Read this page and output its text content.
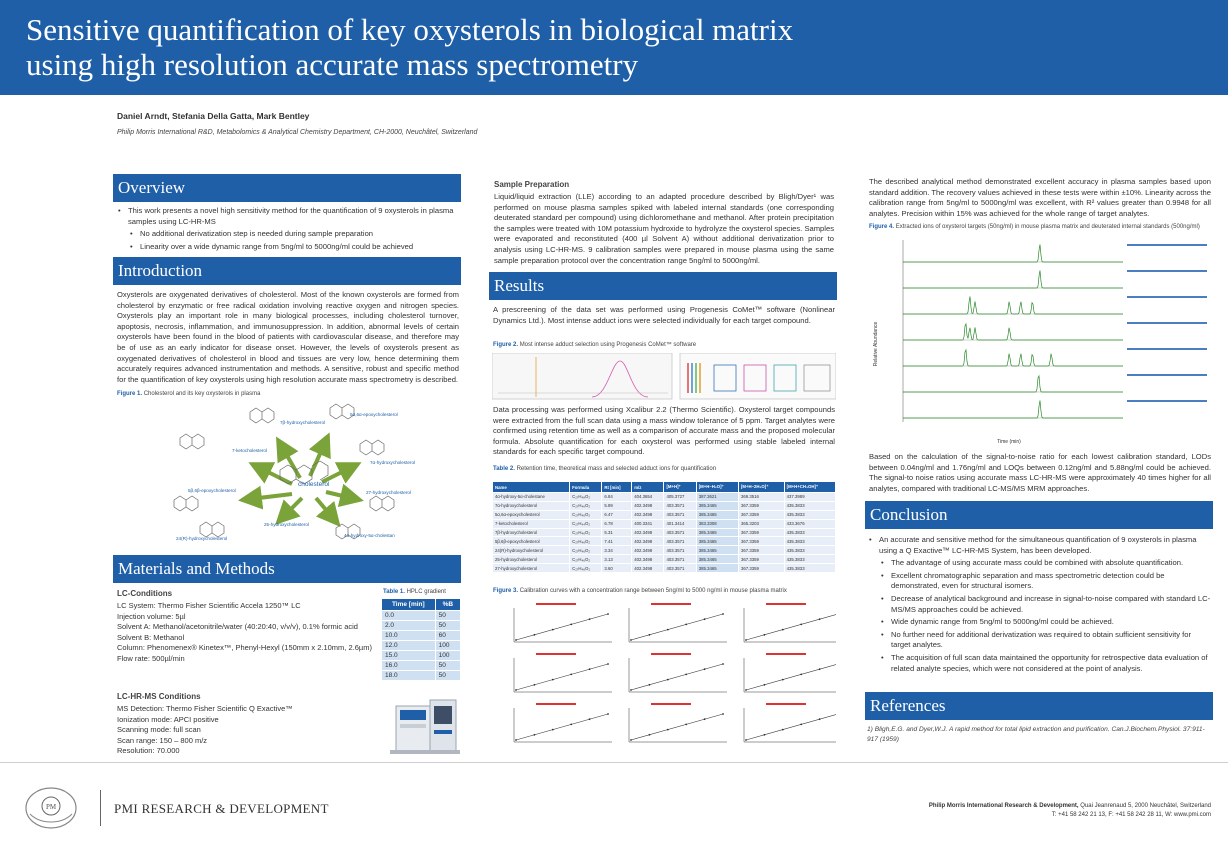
Sensitive quantification of key oxysterols in biological matrix
using high resolution accurate mass spectrometry
Daniel Arndt, Stefania Della Gatta, Mark Bentley
Philip Morris International R&D, Metabolomics & Analytical Chemistry Department, CH-2000, Neuchâtel, Switzerland
Overview
• This work presents a novel high sensitivity method for the quantification of 9 oxysterols in plasma samples using LC-HR-MS
• No additional derivatization step is needed during sample preparation
• Linearity over a wide dynamic range from 5ng/ml to 5000ng/ml could be achieved
Introduction
Oxysterols are oxygenated derivatives of cholesterol. Most of the known oxysterols are formed from cholesterol by enzymatic or free radical oxidation involving reactive oxygen and nitrogen species. Oxysterols play an important role in many biological processes, including cholesterol turnover, apoptosis, necrosis, inflammation, and immunosuppression. In addition, abnormal levels of certain oxysterols have been found in the blood of patients with cardiovascular disease, and therefore may be of use as an early indicator for disease onset. However, the levels of oxysterols present as oxygenated derivatives of cholesterol in blood and tissues are very low, hence determining them accurately requires advanced instrumentation and methods. A sensitive, robust and specific method for the quantification of key oxysterols using high resolution accurate mass spectrometry is described.
Figure 1. Cholesterol and its key oxysterols in plasma
cholesterol
7β-hydroxycholesterol
5α,6α-epoxycholesterol
7-ketocholesterol
7α-hydroxycholesterol
5β,6β-epoxycholesterol	27-hydroxycholesterol
25-hydroxycholesterol
24(R)-hydroxycholesterol
4α-hydroxy-5α-cholestan
Materials and Methods
LC-Conditions
LC System: Thermo Fisher Scientific Accela 1250™ LC
Injection volume: 5µl
Solvent A: Methanol/acetonitrile/water (40:20:40, v/v/v), 0.1% formic acid
Solvent B: Methanol
Column: Phenomenex® Kinetex™, Phenyl-Hexyl (150mm x 2.10mm, 2.6µm)
Flow rate: 500µl/min
Table 1. HPLC gradient
Time [min]	%B
0.0	50
2.0	50
10.0	60
12.0	100
15.0	100
16.0	50
18.0	50
LC-HR-MS Conditions
MS Detection: Thermo Fisher Scientific Q Exactive™
Ionization mode: APCI positive
Scanning mode: full scan
Scan range: 150 – 800 m/z
Resolution: 70.000
Sample Preparation
Liquid/liquid extraction (LLE) according to an adapted procedure described by Bligh/Dyer¹ was performed on mouse plasma samples spiked with labeled internal standards (one corresponding deuterated standard per compound) using dichloromethane and methanol. After protein precipitation the samples were treated with 10M potassium hydroxide to hydrolyze the oxysterol species. Samples were evaporated and reconstituted (400 µl Solvent A) without additional derivatization prior to analysis using LC-HR-MS. 9 calibration samples were prepared in mouse plasma using the same sample preparation protocol over the concentration range 5ng/ml to 5000ng/ml.
Results
A prescreening of the data set was performed using Progenesis CoMet™ software (Nonlinear Dynamics Ltd.). Most intense adduct ions were selected individually for each target compound.
Figure 2. Most intense adduct selection using Progenesis CoMet™ software
Data processing was performed using Xcalibur 2.2 (Thermo Scientific). Oxysterol target compounds were extracted from the full scan data using a mass window tolerance of 5 ppm. Target analytes were confirmed using retention time as well as a comparison of accurate mass and the proposed molecular formula. Absolute quantification for each oxysterol was performed using stable labeled internal standards for each specific target compound.
Table 2. Retention time, theoretical mass and selected adduct ions for quantification
Name	Formula	Rt [min]	m/z	[M+H]⁺	[M+H–H₂O]⁺	[M+H–2H₂O]⁺	[M+H+CH₃OH]⁺
4α-hydroxy-5α-cholestane	C₂₇H₄₈O₂	6.84	404.3654	405.3727	387.3621	369.3516	437.3989
7α-hydroxycholesterol	C₂₇H₄₆O₂	5.89	402.3498	403.3571	385.3465	367.3359	435.3833
5α,6α-epoxycholesterol	C₂₇H₄₆O₂	6.47	402.3498	403.3571	385.3465	367.3359	435.3833
7-ketocholesterol	C₂₇H₄₄O₂	6.78	400.3341	401.3414	383.3308	365.3203	433.3676
7β-hydroxycholesterol	C₂₇H₄₆O₂	5.31	402.3498	403.3571	385.3465	367.3359	435.3833
5β,6β-epoxycholesterol	C₂₇H₄₆O₂	7.41	402.3498	403.3571	385.3465	367.3359	435.3833
24(R)-hydroxycholesterol	C₂₇H₄₆O₂	3.34	402.3498	403.3571	385.3465	367.3359	435.3833
25-hydroxycholesterol	C₂₇H₄₆O₂	3.13	402.3498	403.3571	385.3465	367.3359	435.3833
27-hydroxycholesterol	C₂₇H₄₆O₂	3.60	402.3498	403.3571	385.3465	367.3359	435.3833
Figure 3. Calibration curves with a concentration range between 5ng/ml to 5000 ng/ml in mouse plasma matrix
The described analytical method demonstrated excellent accuracy in plasma samples based upon standard addition. The recovery values achieved in these tests were within ±10%. Linearity across the calibration range from 5ng/ml to 5000ng/ml was excellent, with R² values greater than 0.9948 for all analytes. Precision within 15% was achieved for the whole range of target analytes.
Figure 4. Extracted ions of oxysterol targets (50ng/ml) in mouse plasma matrix and deuterated internal standards (500ng/ml)
Relative Abundance
Time (min)
Based on the calculation of the signal-to-noise ratio for each lowest calibration standard, LODs between 0.04ng/ml and 1.76ng/ml and LOQs between 0.12ng/ml and 5.88ng/ml could be achieved. The signal-to noise ratios using accurate mass LC-HR-MS were approximately 40 times higher for all analytes, compared with traditional LC-MS/MS MRM approaches.
Conclusion
• An accurate and sensitive method for the simultaneous quantification of 9 oxysterols in plasma using a Q Exactive™ LC-HR-MS System, has been developed.
• The advantage of using accurate mass could be combined with absolute quantification.
• Excellent chromatographic separation and mass spectrometric detection could be demonstrated, even for structural isomers.
• Decrease of analytical background and increase in signal-to-noise compared with standard LC-MS/MS approaches could be achieved.
• Wide dynamic range from 5ng/ml to 5000ng/ml could be achieved.
• No further need for additional derivatization was required to obtain sufficient sensitivity for target analytes.
• The acquisition of full scan data maintained the opportunity for retrospective data evaluation of related analyte species, which were not considered at the point of analysis.
References
1) Bligh,E.G. and Dyer,W.J. A rapid method for total lipid extraction and purification. Can.J.Biochem.Physiol. 37:911-917 (1959)
PM	PMI RESEARCH & DEVELOPMENT	Philip Morris International Research & Development, Quai Jeanrenaud 5, 2000 Neuchâtel, Switzerland
T: +41 58 242 21 13, F: +41 58 242 28 11, W: www.pmi.com
